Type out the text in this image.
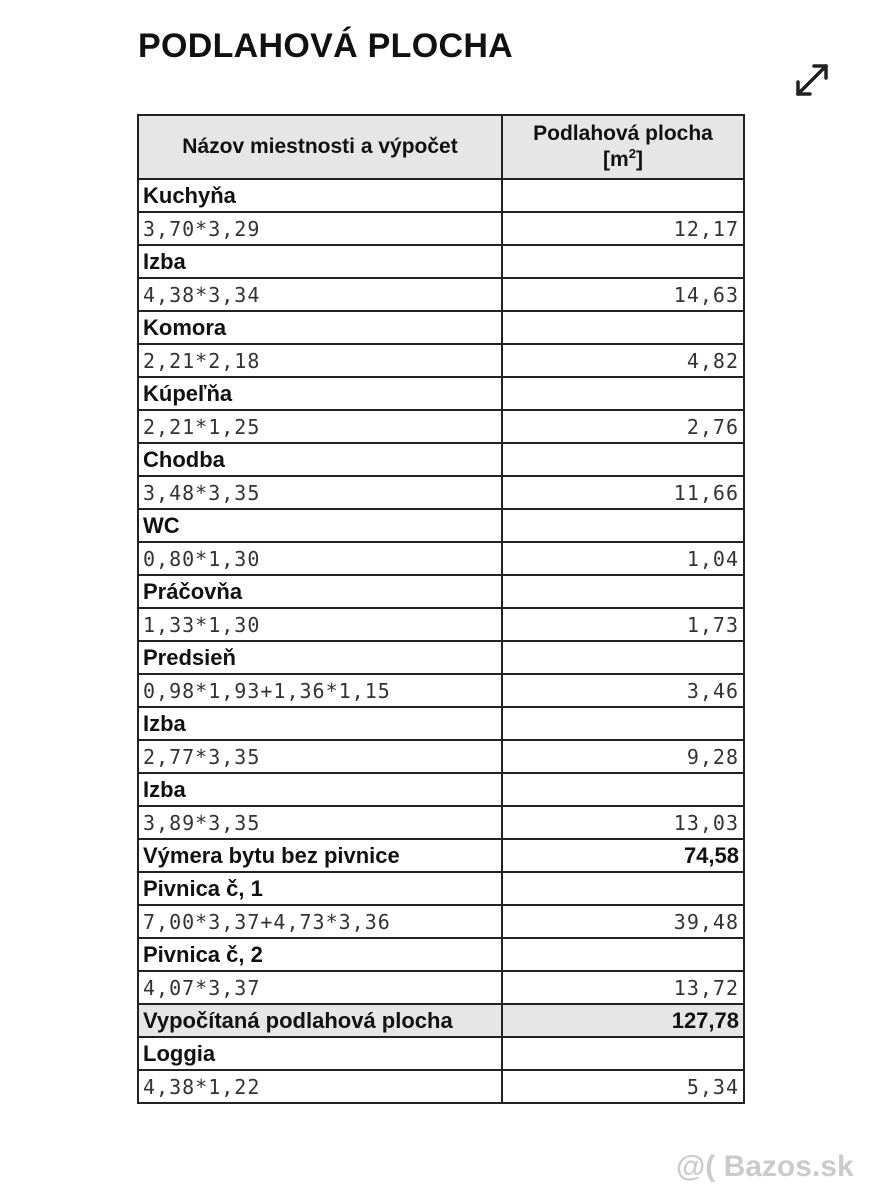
PODLAHOVÁ PLOCHA
Názov miestnosti a výpočet	Podlahová plocha
$[m^2]$
Kuchyňa	
3,70*3,29	12,17
Izba	
4,38*3,34	14,63
Komora	
2,21*2,18	4,82
Kúpeľňa	
2,21*1,25	2,76
Chodba	
3,48*3,35	11,66
WC	
0,80*1,30	1,04
Práčovňa	
1,33*1,30	1,73
Predsieň	
0,98*1,93+1,36*1,15	3,46
Izba	
2,77*3,35	9,28
Izba	
3,89*3,35	13,03
Výmera bytu bez pivnice	74,58
Pivnica č, 1	
7,00*3,37+4,73*3,36	39,48
Pivnica č, 2	
4,07*3,37	13,72
Vypočítaná podlahová plocha	127,78
Loggia	
4,38*1,22	5,34
@( Bazos.sk
